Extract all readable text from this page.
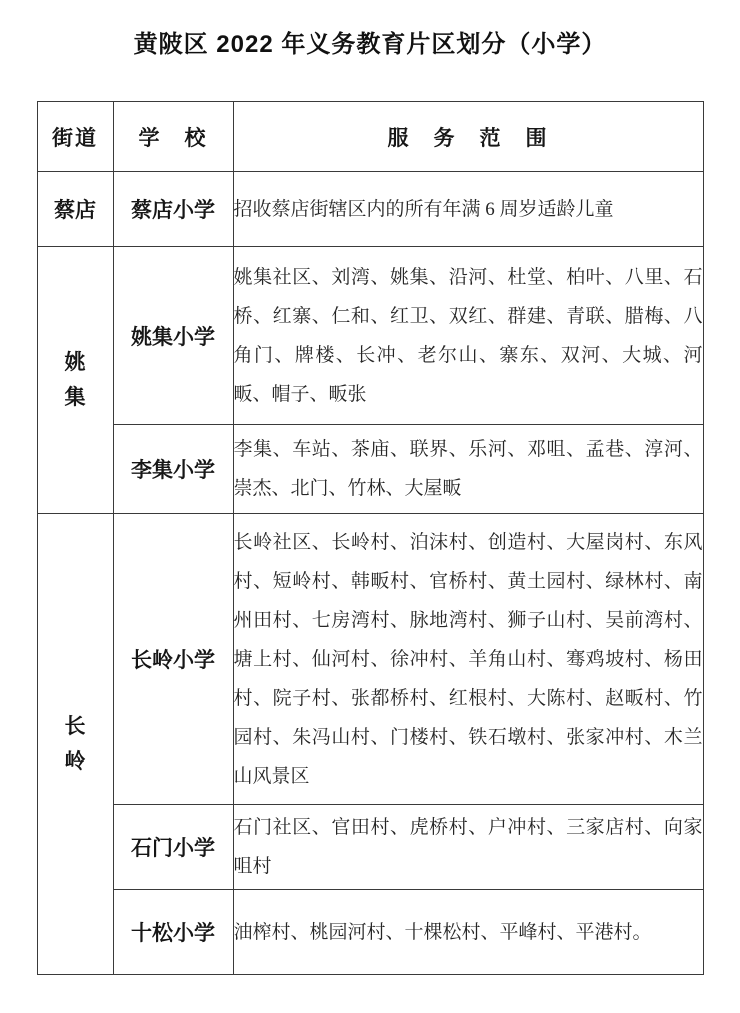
黄陂区 2022 年义务教育片区划分（小学）
街道	学　校	服　务　范　围
蔡店	蔡店小学	招收蔡店街辖区内的所有年满 6 周岁适龄儿童

姚
集	姚集小学	姚集社区、刘湾、姚集、沿河、杜堂、柏叶、八里、石桥、红寨、仁和、红卫、双红、群建、青联、腊梅、八角门、牌楼、长冲、老尔山、寨东、双河、大城、河畈、帽子、畈张
	李集小学	李集、车站、茶庙、联界、乐河、邓咀、孟巷、淳河、崇杰、北门、竹林、大屋畈

长
岭	长岭小学	长岭社区、长岭村、泊沫村、创造村、大屋岗村、东风村、短岭村、韩畈村、官桥村、黄土园村、绿林村、南州田村、七房湾村、脉地湾村、狮子山村、吴前湾村、塘上村、仙河村、徐冲村、羊角山村、骞鸡坡村、杨田村、院子村、张都桥村、红根村、大陈村、赵畈村、竹园村、朱冯山村、门楼村、铁石墩村、张家冲村、木兰山风景区
	石门小学	石门社区、官田村、虎桥村、户冲村、三家店村、向家咀村
	十松小学	油榨村、桃园河村、十棵松村、平峰村、平港村。
